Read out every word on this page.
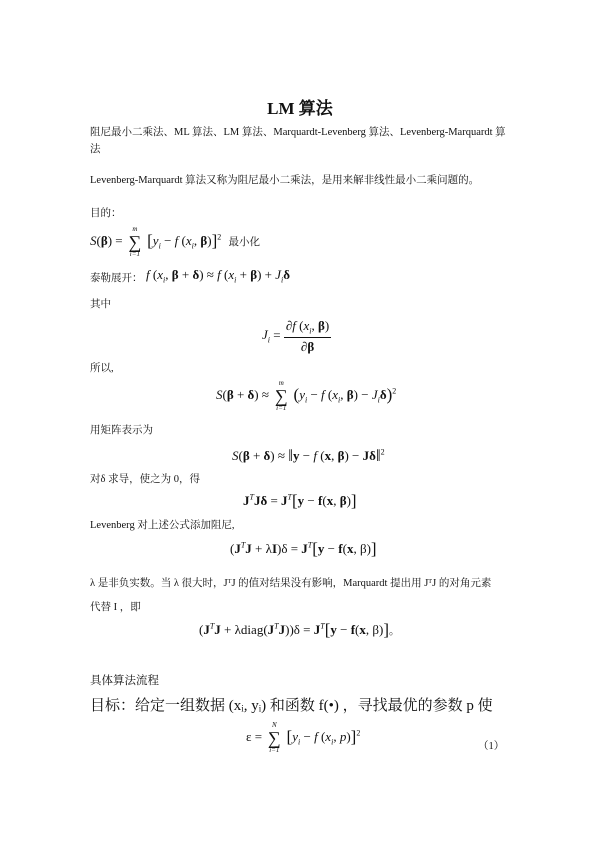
LM 算法
阻尼最小二乘法、ML 算法、LM 算法、Marquardt-Levenberg 算法、Levenberg-Marquardt 算
法
Levenberg-Marquardt 算法又称为阻尼最小二乘法，是用来解非线性最小二乘问题的。
目的：
S(β) =
m
∑
i=1
[$y_i - f$ ($x_i$, β)]$^2$ 最小化
泰勒展开： f ($x_i$, β + δ) ≈ f $(x_i + \beta) + J_i\delta$
其中
$J_i = \frac{\partial f (x_i, \beta)}{\partial\beta}$
所以,
S(β + δ) ≈
m
∑
i=1
($y_i - f$ ($x_i$, $\beta) - J_i\delta)^2$
用矩阵表示为
S(β + δ) ≈ ‖y − f (x, β) − Jδ‖$^2$
对δ 求导，使之为 0，得
$J^TJ\delta = J^T[y - f(x$, β)]
Levenberg 对上述公式添加阻尼,
$(J^TJ + \lambda I)\delta = J^T[y - f(x$, β)]
λ 是非负实数。当 λ 很大时，JᵀJ 的值对结果没有影响，Marquardt 提出用 JᵀJ 的对角元素
代替 I ，即
($J^TJ$ + $\lambda diag(J^TJ))\delta = J^T[y - f(x$, β)]。
具体算法流程
目标：给定一组数据 (xᵢ, yᵢ) 和函数 f(•) ，寻找最优的参数 p 使
ε =
N
∑
i=1
[$y_i - f$ ($x_i$, p)]$^2$
（1）
